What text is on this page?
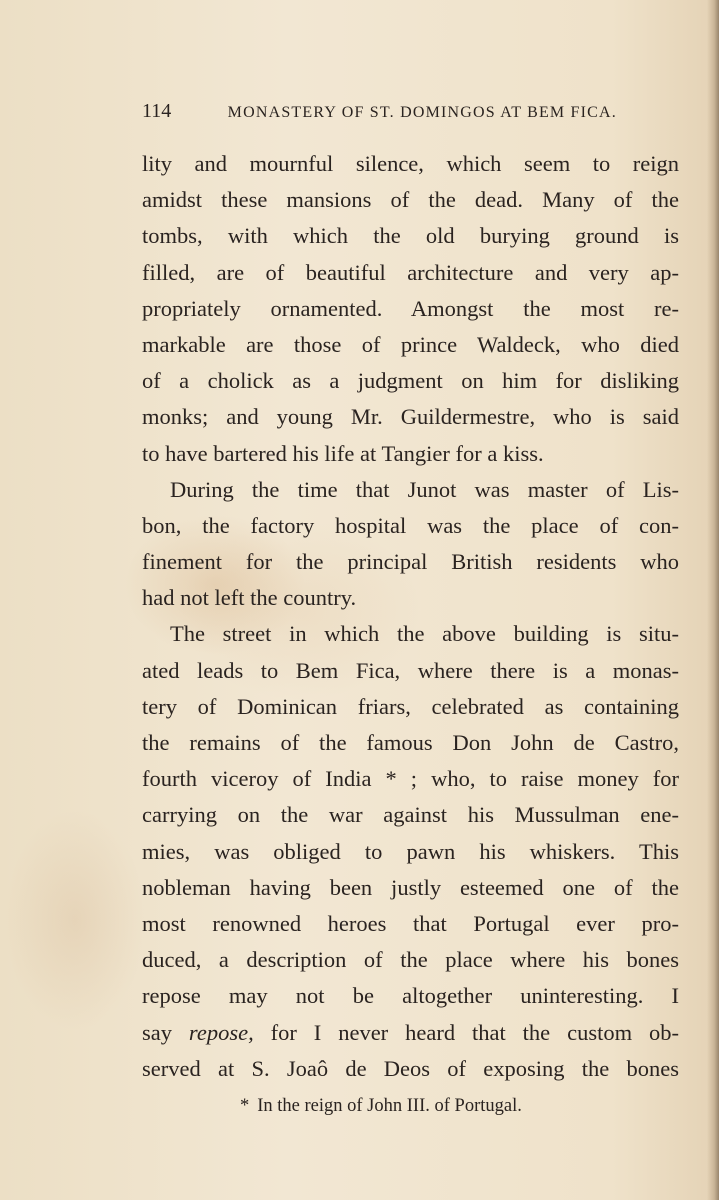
114	MONASTERY OF ST. DOMINGOS AT BEM FICA.
lity and mournful silence, which seem to reign
amidst these mansions of the dead. Many of the
tombs, with which the old burying ground is
filled, are of beautiful architecture and very ap-
propriately ornamented. Amongst the most re-
markable are those of prince Waldeck, who died
of a cholick as a judgment on him for disliking
monks; and young Mr. Guildermestre, who is said
to have bartered his life at Tangier for a kiss.
During the time that Junot was master of Lis-
bon, the factory hospital was the place of con-
finement for the principal British residents who
had not left the country.
The street in which the above building is situ-
ated leads to Bem Fica, where there is a monas-
tery of Dominican friars, celebrated as containing
the remains of the famous Don John de Castro,
fourth viceroy of India * ; who, to raise money for
carrying on the war against his Mussulman ene-
mies, was obliged to pawn his whiskers. This
nobleman having been justly esteemed one of the
most renowned heroes that Portugal ever pro-
duced, a description of the place where his bones
repose may not be altogether uninteresting. I
say repose, for I never heard that the custom ob-
served at S. Joaô de Deos of exposing the bones
* In the reign of John III. of Portugal.
